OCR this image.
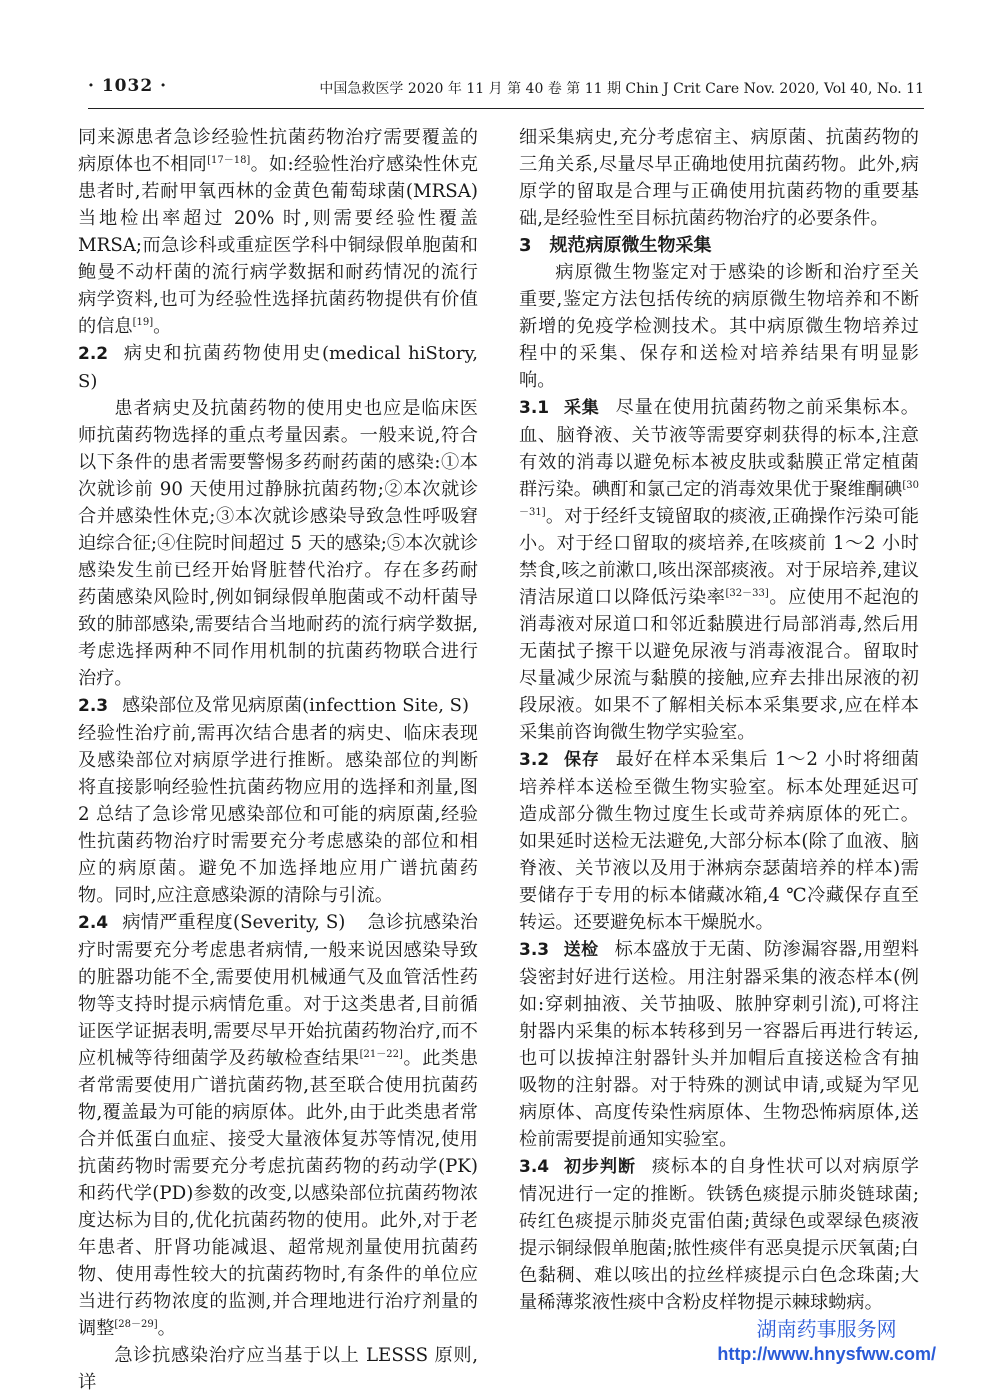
· 1032 ·	中国急救医学 2020 年 11 月 第 40 卷 第 11 期 Chin J Crit Care Nov. 2020, Vol 40, No. 11

同来源患者急诊经验性抗菌药物治疗需要覆盖的病原体也不相同[17－18]。如:经验性治疗感染性休克患者时,若耐甲氧西林的金黄色葡萄球菌(MRSA)当地检出率超过 20% 时,则需要经验性覆盖 MRSA;而急诊科或重症医学科中铜绿假单胞菌和鲍曼不动杆菌的流行病学数据和耐药情况的流行病学资料,也可为经验性选择抗菌药物提供有价值的信息[19]。

2.2 病史和抗菌药物使用史(medical hiStory, S)

患者病史及抗菌药物的使用史也应是临床医师抗菌药物选择的重点考量因素。一般来说,符合以下条件的患者需要警惕多药耐药菌的感染:①本次就诊前 90 天使用过静脉抗菌药物;②本次就诊合并感染性休克;③本次就诊感染导致急性呼吸窘迫综合征;④住院时间超过 5 天的感染;⑤本次就诊感染发生前已经开始肾脏替代治疗。存在多药耐药菌感染风险时,例如铜绿假单胞菌或不动杆菌导致的肺部感染,需要结合当地耐药的流行病学数据,考虑选择两种不同作用机制的抗菌药物联合进行治疗。

2.3 感染部位及常见病原菌(infecttion Site, S)

经验性治疗前,需再次结合患者的病史、临床表现及感染部位对病原学进行推断。感染部位的判断将直接影响经验性抗菌药物应用的选择和剂量,图 2 总结了急诊常见感染部位和可能的病原菌,经验性抗菌药物治疗时需要充分考虑感染的部位和相应的病原菌。避免不加选择地应用广谱抗菌药物。同时,应注意感染源的清除与引流。

2.4 病情严重程度(Severity, S) 急诊抗感染治疗时需要充分考虑患者病情,一般来说因感染导致的脏器功能不全,需要使用机械通气及血管活性药物等支持时提示病情危重。对于这类患者,目前循证医学证据表明,需要尽早开始抗菌药物治疗,而不应机械等待细菌学及药敏检查结果[21－22]。此类患者常需要使用广谱抗菌药物,甚至联合使用抗菌药物,覆盖最为可能的病原体。此外,由于此类患者常合并低蛋白血症、接受大量液体复苏等情况,使用抗菌药物时需要充分考虑抗菌药物的药动学(PK)和药代学(PD)参数的改变,以感染部位抗菌药物浓度达标为目的,优化抗菌药物的使用。此外,对于老年患者、肝肾功能减退、超常规剂量使用抗菌药物、使用毒性较大的抗菌药物时,有条件的单位应当进行药物浓度的监测,并合理地进行治疗剂量的调整[28－29]。

急诊抗感染治疗应当基于以上 LESSS 原则,详

细采集病史,充分考虑宿主、病原菌、抗菌药物的三角关系,尽量尽早正确地使用抗菌药物。此外,病原学的留取是合理与正确使用抗菌药物的重要基础,是经验性至目标抗菌药物治疗的必要条件。

3 规范病原微生物采集

病原微生物鉴定对于感染的诊断和治疗至关重要,鉴定方法包括传统的病原微生物培养和不断新增的免疫学检测技术。其中病原微生物培养过程中的采集、保存和送检对培养结果有明显影响。

3.1 采集 尽量在使用抗菌药物之前采集标本。血、脑脊液、关节液等需要穿刺获得的标本,注意有效的消毒以避免标本被皮肤或黏膜正常定植菌群污染。碘酊和氯己定的消毒效果优于聚维酮碘[30－31]。对于经纤支镜留取的痰液,正确操作污染可能小。对于经口留取的痰培养,在咳痰前 1～2 小时禁食,咳之前漱口,咳出深部痰液。对于尿培养,建议清洁尿道口以降低污染率[32－33]。应使用不起泡的消毒液对尿道口和邻近黏膜进行局部消毒,然后用无菌拭子擦干以避免尿液与消毒液混合。留取时尽量减少尿流与黏膜的接触,应弃去排出尿液的初段尿液。如果不了解相关标本采集要求,应在样本采集前咨询微生物学实验室。

3.2 保存 最好在样本采集后 1～2 小时将细菌培养样本送检至微生物实验室。标本处理延迟可造成部分微生物过度生长或苛养病原体的死亡。如果延时送检无法避免,大部分标本(除了血液、脑脊液、关节液以及用于淋病奈瑟菌培养的样本)需要储存于专用的标本储藏冰箱,4 ℃冷藏保存直至转运。还要避免标本干燥脱水。

3.3 送检 标本盛放于无菌、防渗漏容器,用塑料袋密封好进行送检。用注射器采集的液态样本(例如:穿刺抽液、关节抽吸、脓肿穿刺引流),可将注射器内采集的标本转移到另一容器后再进行转运,也可以拔掉注射器针头并加帽后直接送检含有抽吸物的注射器。对于特殊的测试申请,或疑为罕见病原体、高度传染性病原体、生物恐怖病原体,送检前需要提前通知实验室。

3.4 初步判断 痰标本的自身性状可以对病原学情况进行一定的推断。铁锈色痰提示肺炎链球菌;砖红色痰提示肺炎克雷伯菌;黄绿色或翠绿色痰液提示铜绿假单胞菌;脓性痰伴有恶臭提示厌氧菌;白色黏稠、难以咳出的拉丝样痰提示白色念珠菌;大量稀薄浆液性痰中含粉皮样物提示棘球蚴病。

湖南药事服务网
http://www.hnysfww.com/
